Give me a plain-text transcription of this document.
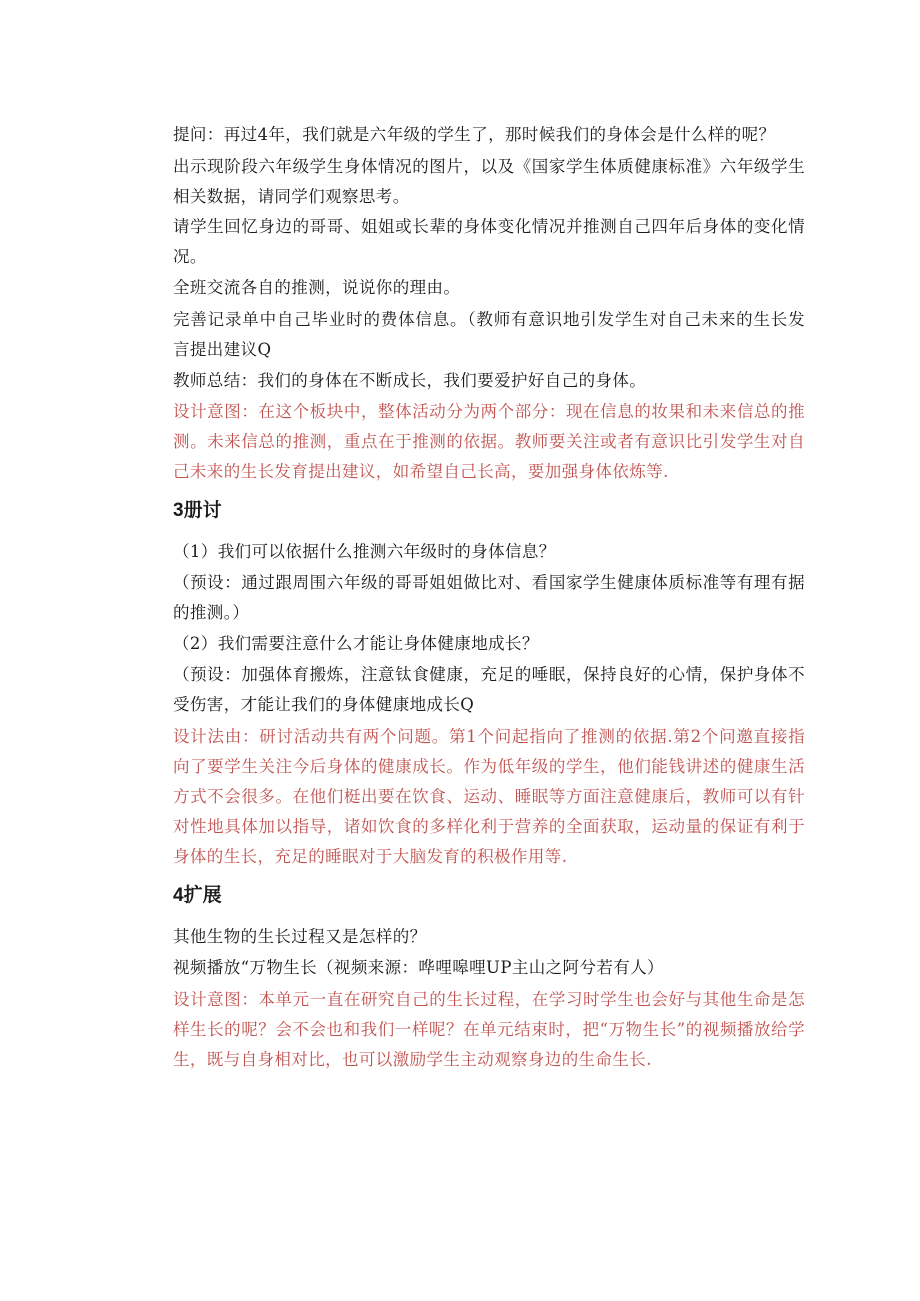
提问：再过4年，我们就是六年级的学生了，那时候我们的身体会是什么样的呢？

出示现阶段六年级学生身体情况的图片，以及《国家学生体质健康标准》六年级学生相关数据，请同学们观察思考。

请学生回忆身边的哥哥、姐姐或长辈的身体变化情况并推测自己四年后身体的变化情况。

全班交流各自的推测，说说你的理由。

完善记录单中自己毕业时的费体信息。（教师有意识地引发学生对自己未来的生长发言提出建议Q

教师总结：我们的身体在不断成长，我们要爱护好自己的身体。

设计意图：在这个板块中，整体活动分为两个部分：现在信息的妆果和未来信总的推测。未来信总的推测，重点在于推测的依据。教师要关注或者有意识比引发学生对自己未来的生长发育提出建议，如希望自己长高，要加强身体依炼等.

3册讨

（1）我们可以依据什么推测六年级时的身体信息？

（预设：通过跟周围六年级的哥哥姐姐做比对、看国家学生健康体质标准等有理有据的推测。）

（2）我们需要注意什么才能让身体健康地成长？

（预设：加强体育搬炼，注意钛食健康，充足的唾眠，保持良好的心情，保护身体不受伤害，才能让我们的身体健康地成长Q

设计法由：研讨活动共有两个问题。第1个问起指向了推测的依据.第2个问邀直接指向了要学生关注今后身体的健康成长。作为低年级的学生，他们能钱讲述的健康生活方式不会很多。在他们梃出要在饮食、运动、睡眠等方面注意健康后，教师可以有针对性地具体加以指导，诸如饮食的多样化利于营养的全面获取，运动量的保证有利于身体的生长，充足的睡眠对于大脑发育的积极作用等.

4扩展

其他生物的生长过程又是怎样的？

视频播放“万物生长（视频来源：哗哩嗥哩UP主山之阿兮若有人）

设计意图：本单元一直在研究自己的生长过程，在学习时学生也会好与其他生命是怎样生长的呢？会不会也和我们一样呢？在单元结束时，把“万物生长”的视频播放给学生，既与自身相对比，也可以激励学生主动观察身边的生命生长.
